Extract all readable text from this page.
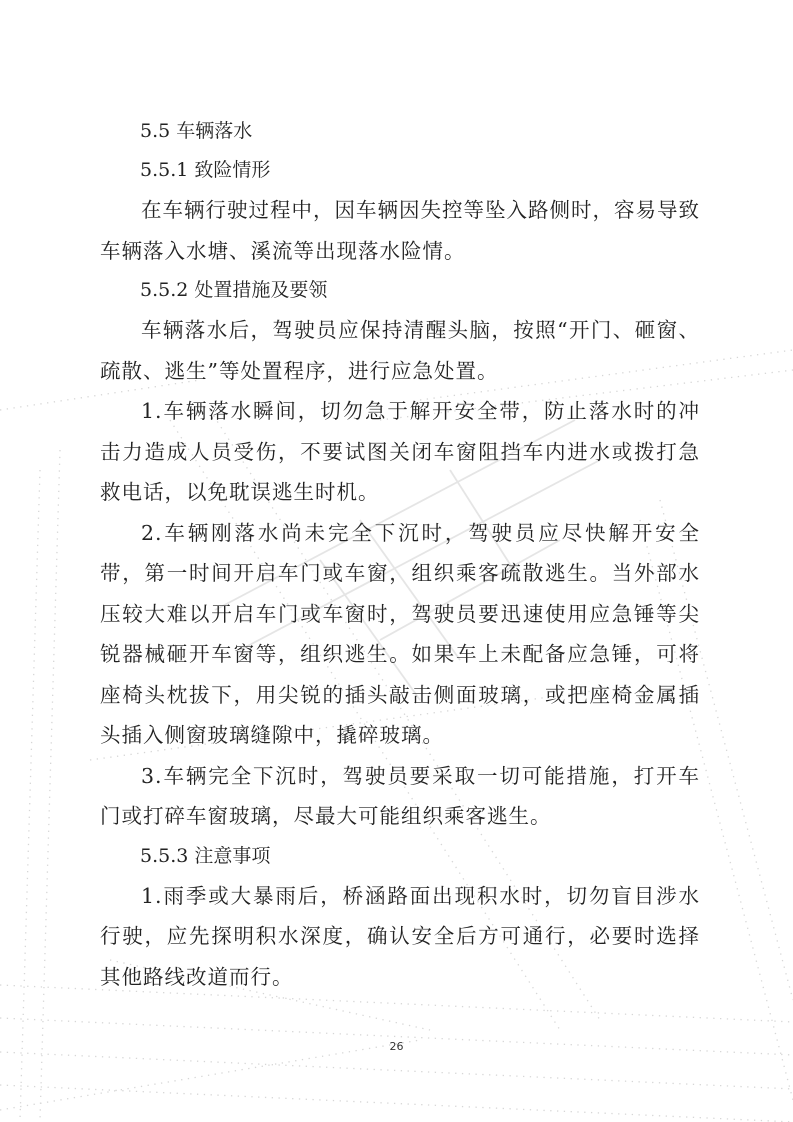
5.5 车辆落水
5.5.1 致险情形

在车辆行驶过程中，因车辆因失控等坠入路侧时，容易导致车辆落入水塘、溪流等出现落水险情。

5.5.2 处置措施及要领

车辆落水后，驾驶员应保持清醒头脑，按照“开门、砸窗、疏散、逃生”等处置程序，进行应急处置。

1.车辆落水瞬间，切勿急于解开安全带，防止落水时的冲击力造成人员受伤，不要试图关闭车窗阻挡车内进水或拨打急救电话，以免耽误逃生时机。

2.车辆刚落水尚未完全下沉时，驾驶员应尽快解开安全带，第一时间开启车门或车窗，组织乘客疏散逃生。当外部水压较大难以开启车门或车窗时，驾驶员要迅速使用应急锤等尖锐器械砸开车窗等，组织逃生。如果车上未配备应急锤，可将座椅头枕拔下，用尖锐的插头敲击侧面玻璃，或把座椅金属插头插入侧窗玻璃缝隙中，撬碎玻璃。

3.车辆完全下沉时，驾驶员要采取一切可能措施，打开车门或打碎车窗玻璃，尽最大可能组织乘客逃生。

5.5.3 注意事项

1.雨季或大暴雨后，桥涵路面出现积水时，切勿盲目涉水行驶，应先探明积水深度，确认安全后方可通行，必要时选择其他路线改道而行。

26
